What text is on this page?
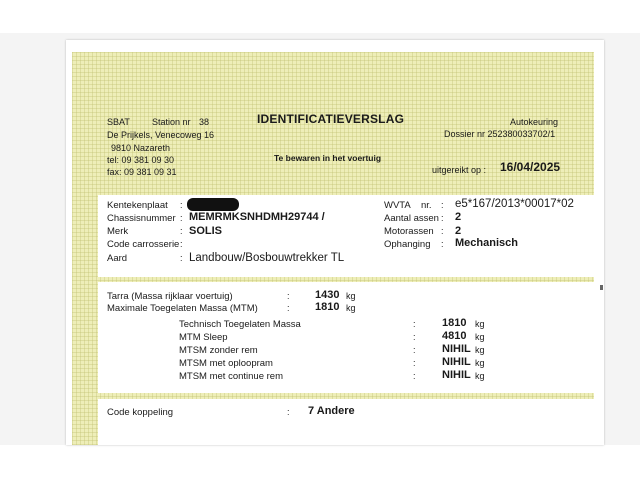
SBAT Station nr 38
De Prijkels, Venecoweg 16
9810 Nazareth
tel: 09 381 09 30
fax: 09 381 09 31
IDENTIFICATIEVERSLAG
Te bewaren in het voertuig
Autokeuring
Dossier nr 252380033702/1
uitgereikt op : 16/04/2025
Kentekenplaat :
Chassisnummer : MEMRMKSNHDMH29744 /
Merk	: SOLIS
Code carrosserie :
Aard	: Landbouw/Bosbouwtrekker TL
WVTA nr. : e5*167/2013*00017*02
Aantal assen : 2
Motorassen : 2
Ophanging : Mechanisch
Tarra (Massa rijklaar voertuig)	: 1430 kg
Maximale Toegelaten Massa (MTM)	: 1810 kg
Technisch Toegelaten Massa	: 1810 kg
MTM Sleep	: 4810 kg
MTSM zonder rem	: NIHIL kg
MTSM met oploopram	: NIHIL kg
MTSM met continue rem	: NIHIL kg
Code koppeling	: 7 Andere
